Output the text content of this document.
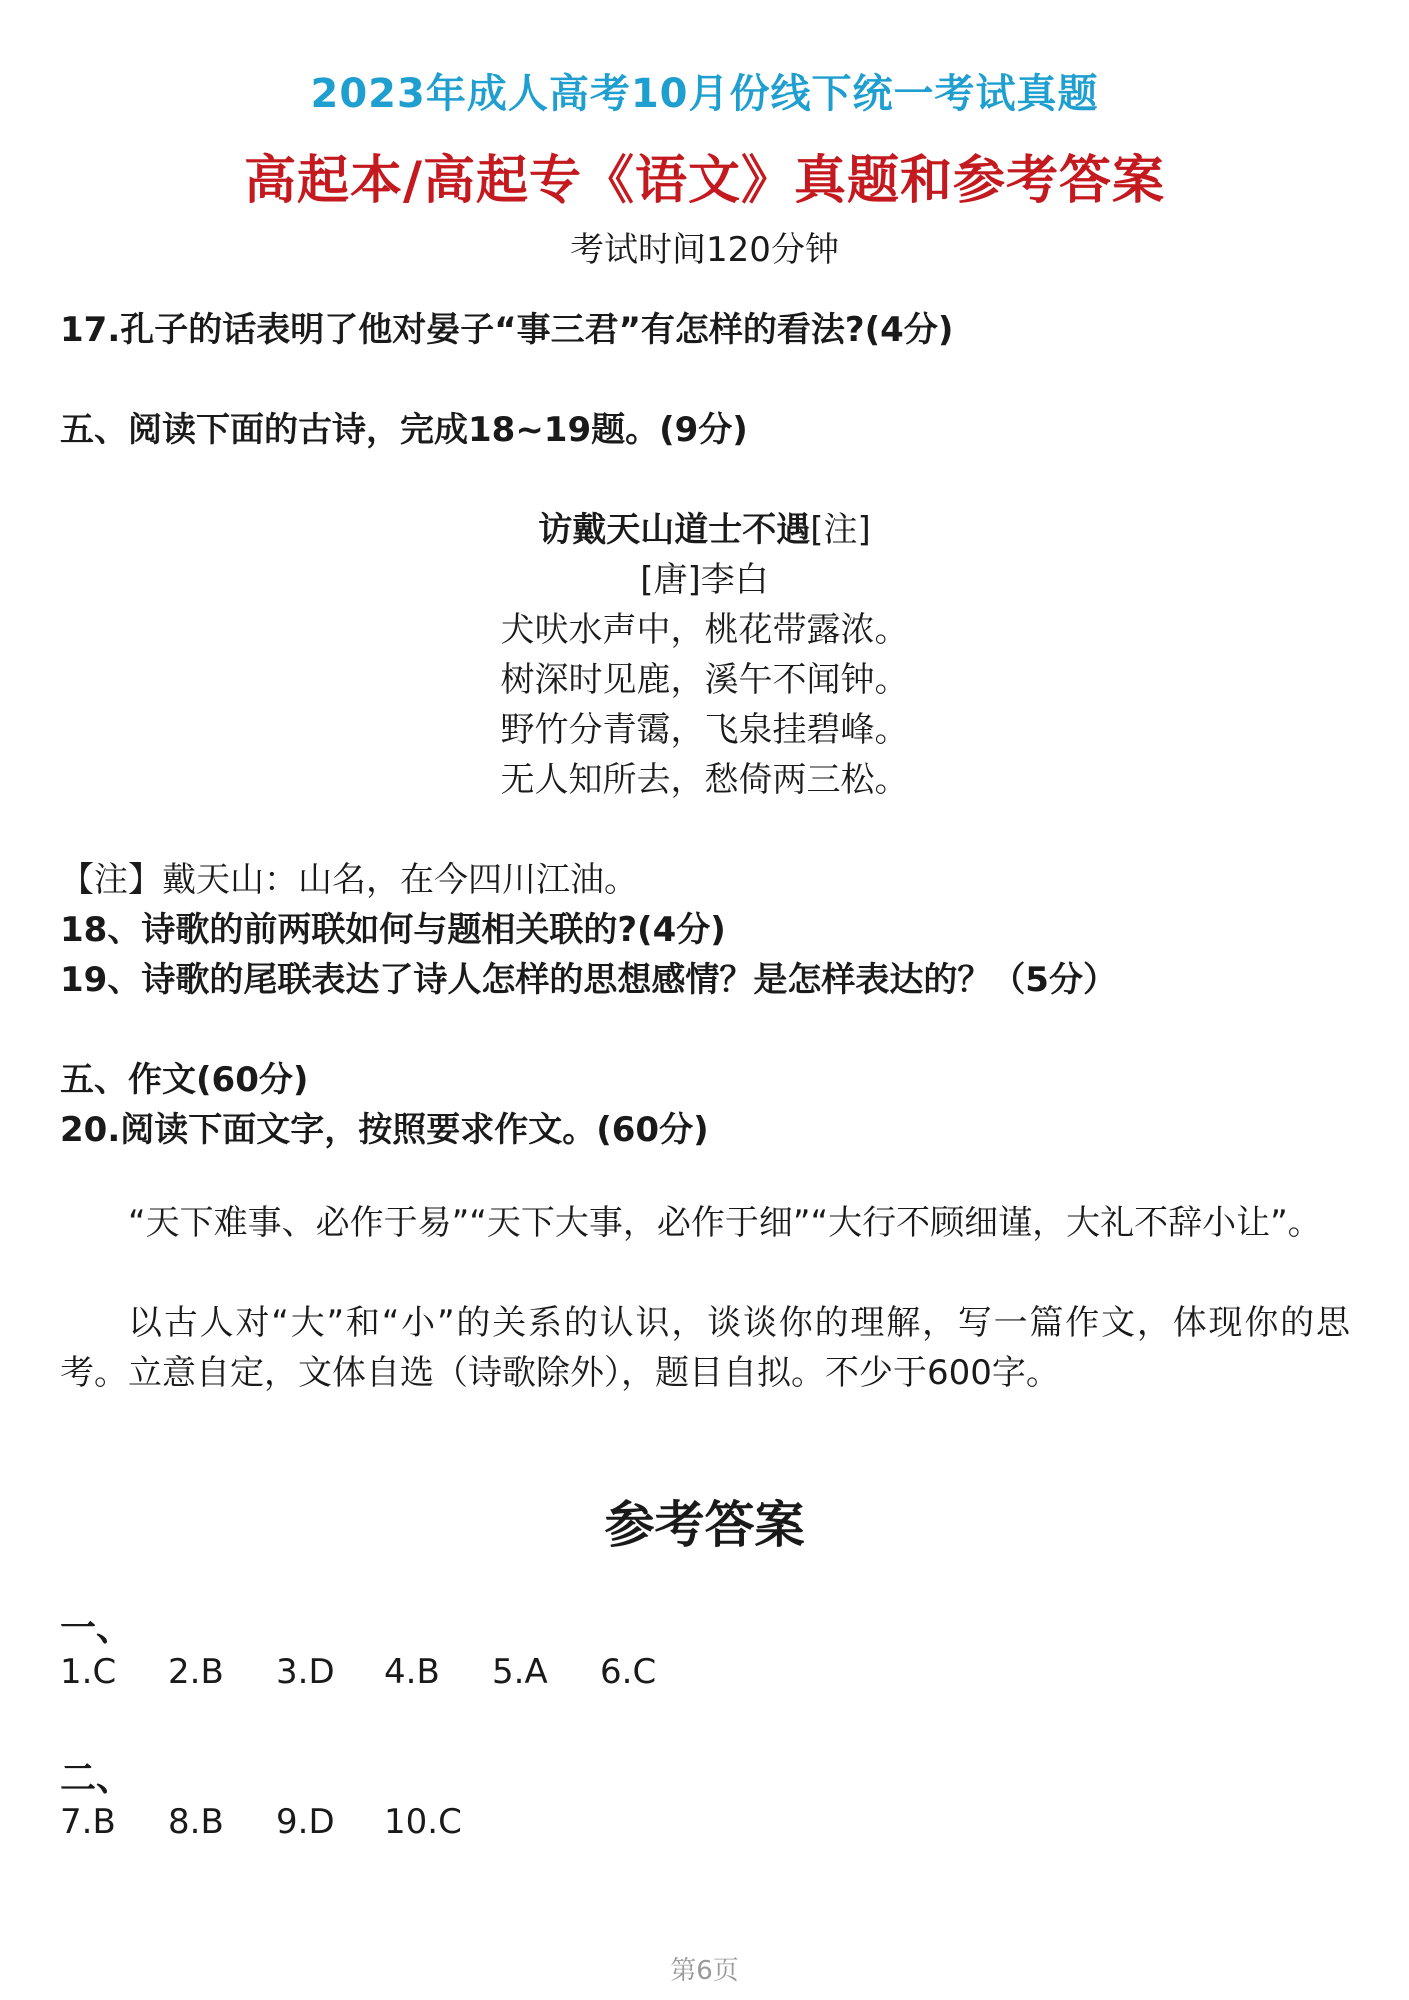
2023年成人高考10月份线下统一考试真题
高起本/高起专《语文》真题和参考答案
考试时间120分钟
17.孔子的话表明了他对晏子“事三君”有怎样的看法?(4分)
五、阅读下面的古诗，完成18~19题。(9分)
访戴天山道士不遇[注]
[唐]李白
犬吠水声中，桃花带露浓。
树深时见鹿，溪午不闻钟。
野竹分青霭，飞泉挂碧峰。
无人知所去，愁倚两三松。
【注】戴天山：山名，在今四川江油。
18、诗歌的前两联如何与题相关联的?(4分)
19、诗歌的尾联表达了诗人怎样的思想感情？是怎样表达的？（5分）
五、作文(60分)
20.阅读下面文字，按照要求作文。(60分)
“天下难事、必作于易”“天下大事，必作于细”“大行不顾细谨，大礼不辞小让”。
以古人对“大”和“小”的关系的认识，谈谈你的理解，写一篇作文，体现你的思考。立意自定，文体自选（诗歌除外），题目自拟。不少于600字。
参考答案
一、
1.C	2.B	3.D	4.B	5.A	6.C
二、
7.B	8.B	9.D	10.C
第6页
